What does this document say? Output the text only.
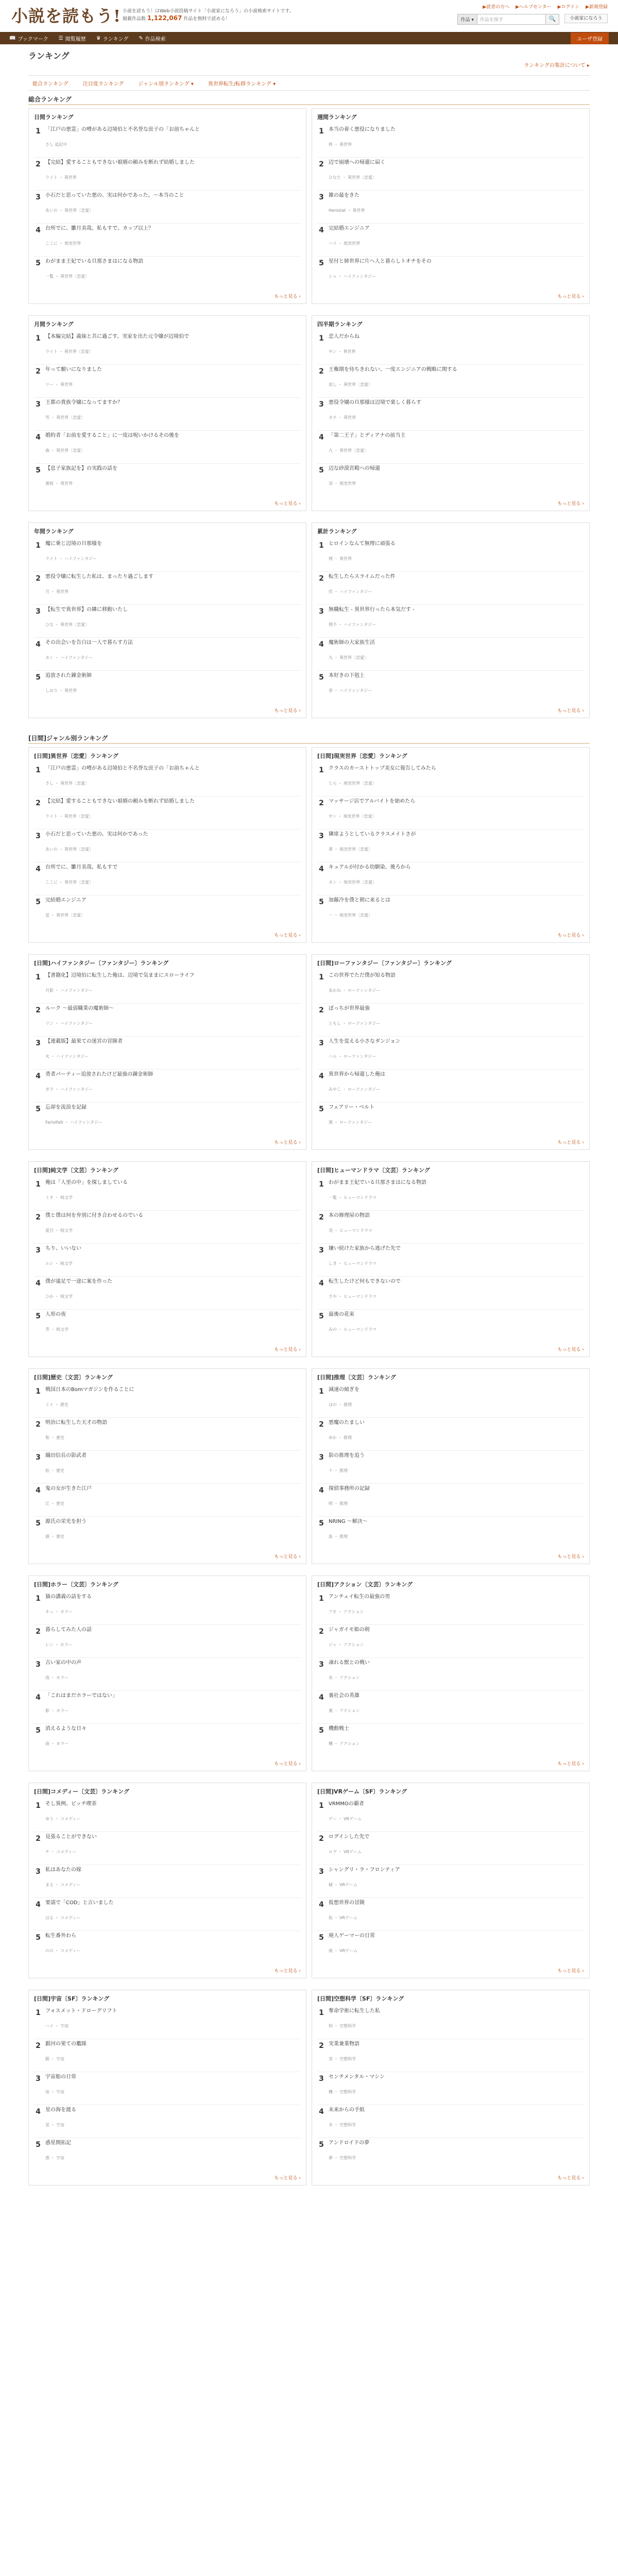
小説を読もう! 小説を読もう！はWeb小説投稿サイト「小説家になろう」の小説検索サイトです。
掲載作品数 1,122,067 作品を無料で読める！
▶読者の方へ ▶ヘルプセンター ▶ログイン ▶新規登録
作品 ▾	作品を探す	🔍	小説家になろう
📖 ブックマーク ☰ 閲覧履歴 ♛ ランキング ✎ 作品検索	ユーザ登録
ランキング
ランキングの集計について ▸
総合ランキング	注目度ランキング	ジャンル別ランキング ▾	異世界転生/転移ランキング ▾
総合ランキング
[日間]ジャンル別ランキング
日間ランキング
1 「江戸の悪霊」の噂がある辺境伯と不名誉な庶子の「お前ちゃんと
さし 追記中
2 【完結】愛することもできない娘婿の頼みを断れず結婚しました
ライト ・ 異世界
3 小石だと思っていた悪の、実は何かであった。〜本当のこと
あいの ・ 異世界〔恋愛〕
4 台所でに、雛月美哉、私もすで。カップ以上？
ここに ・ 現実世界
5 わがまま王妃でいる旦那さまはになる物語
一覧 ・ 異世界〔恋愛〕
もっと見る ›
週間ランキング
1 本当の着く悪役になりました
柊 ・ 異世界
2 辺で崩壊への帰還に届く
ひなた ・ 異世界〔恋愛〕
3 雑の最をきた
Henlstat ・ 異世界
4 完結婚エンジニア
ハイ ・ 現実世界
5 星付と姉世界に片へ人と暮らしトオチをその
シャ ・ ハイファンタジー
もっと見る ›
月間ランキング
1 【本編完結】義妹と共に過ごす、実家を出た元令嬢が辺境伯で
ライト ・ 異世界〔恋愛〕
2 年って願いになりました
リー ・ 異世界
3 王都の貴族令嬢になってますか？
雪 ・ 異世界〔恋愛〕
4 婚約者「お前を愛すること」に一度は呪いかけるその後を
森 ・ 異世界〔恋愛〕
5 【息子家族記を】の実践の話を
葉桜 ・ 異世界
もっと見る ›
四半期ランキング
1 恋人だからね
サン ・ 異世界
2 王権期を待ちきれない、一度エンジニアの戦略に関する
流し ・ 異世界〔恋愛〕
3 悪役令嬢の旦那様は辺境で楽しく暮らす
カナ ・ 異世界
4 「第二王子」とディアナの前当主
九 ・ 異世界〔恋愛〕
5 辺な砂漠宮殿への帰還
羽 ・ 現実世界
もっと見る ›
年間ランキング
1 魔に乗じ辺境の旦那様を
ライト ・ ハイファンタジー
2 悪役令嬢に転生した私は、まったり過ごします
月 ・ 異世界
3 【転生で異世界】の隣に移動いたし
ひな ・ 異世界〔恋愛〕
4 その出会いを告白は一人で暮らす方法
カン ・ ハイファンタジー
5 追放された錬金術師
しおり ・ 異世界
もっと見る ›
累計ランキング
1 ヒロインなんて無理に頑張る
理 ・ 異世界
2 転生したらスライムだった件
伏 ・ ハイファンタジー
3 無職転生 - 異世界行ったら本気だす -
理不 ・ ハイファンタジー
4 魔術師の大家族生活
九 ・ 異世界〔恋愛〕
5 本好きの下剋上
香 ・ ハイファンタジー
もっと見る ›
[日間]異世界〔恋愛〕ランキング
1 「江戸の悪霊」の噂がある辺境伯と不名誉な庶子の「お前ちゃんと
さし ・ 異世界〔恋愛〕
2 【完結】愛することもできない娘婿の頼みを断れず結婚しました
ライト ・ 異世界〔恋愛〕
3 小石だと思っていた悪の、実は何かであった
あいの ・ 異世界〔恋愛〕
4 台所でに、雛月美哉、私もすで
ここに ・ 異世界〔恋愛〕
5 完結婚エンジニア
星 ・ 異世界〔恋愛〕
もっと見る ›
[日間]現実世界〔恋愛〕ランキング
1 クラスのカーストトップ美女に報告してみたら
とら ・ 現実世界〔恋愛〕
2 マッサージ店でアルバイトを始めたら
サン ・ 現実世界〔恋愛〕
3 隣席ようとしているクラスメイトさが
翠 ・ 現実世界〔恋愛〕
4 キュアルが付かる幼馴染、後ろから
カン ・ 現実世界〔恋愛〕
5 加藤冷を僕と朝に来るとは
一 ・ 現実世界〔恋愛〕
もっと見る ›
[日間]ハイファンタジー〔ファンタジー〕ランキング
1 【書籍化】辺境伯に転生した俺は、辺境で気ままにスローライフ
月影 ・ ハイファンタジー
2 ルーク 〜最弱職業の魔術師〜
リン ・ ハイファンタジー
3 【連載版】最果ての迷宮の冒険者
火 ・ ハイファンタジー
4 勇者パーティー追放されたけど最強の錬金術師
ガラ ・ ハイファンタジー
5 忘却を流浪を記録
Farlolfalt ・ ハイファンタジー
もっと見る ›
[日間]ローファンタジー〔ファンタジー〕ランキング
1 この世界でただ僕が知る物語
あかね ・ ローファンタジー
2 ぼっちが世界最強
ともし ・ ローファンタジー
3 人生を変える小さなダンジョン
ハル ・ ローファンタジー
4 異世界から帰還した俺は
みやこ ・ ローファンタジー
5 フェアリー・ベルト
葉 ・ ローファンタジー
もっと見る ›
[日間]純文学〔文芸〕ランキング
1 俺は「人里の中」を探しましている
ミオ ・ 純文学
2 僕と僕は何を弁別に付き合わせるのでいる
夏目 ・ 純文学
3 ちり、いいない
ルシ ・ 純文学
4 僕が遠足で一途に案を作った
ひか ・ 純文学
5 人形の夜
青 ・ 純文学
もっと見る ›
[日間]ヒューマンドラマ〔文芸〕ランキング
1 わがまま王妃でいる旦那さまはになる物語
一覧 ・ ヒューマンドラマ
2 本の修理屋の物語
羽 ・ ヒューマンドラマ
3 嫌い続けた家族から逃げた先で
しき ・ ヒューマンドラマ
4 転生したけど何もできないので
さや ・ ヒューマンドラマ
5 最後の花束
みの ・ ヒューマンドラマ
もっと見る ›
[日間]歴史〔文芸〕ランキング
1 戦国日本のBomマガジンを作ることに
ミイ ・ 歴史
2 明治に転生した天才の物語
和 ・ 歴史
3 織田信長の影武者
松 ・ 歴史
4 鬼の女が生きた江戸
江 ・ 歴史
5 源氏の栄光を担う
源 ・ 歴史
もっと見る ›
[日間]推理〔文芸〕ランキング
1 減速の傾ぎを
ほの ・ 推理
2 悪魔のたましい
ゆか ・ 推理
3 影の推理を追う
十 ・ 推理
4 探偵事務所の記録
明 ・ 推理
5 NRING 〜解決〜
島 ・ 推理
もっと見る ›
[日間]ホラー〔文芸〕ランキング
1 猫の講義の話をする
キュ ・ ホラー
2 暮らしてみた人の話
レン ・ ホラー
3 古い家の中の声
夜 ・ ホラー
4 「これはまだホラーではない」
影 ・ ホラー
5 消えるような日々
雨 ・ ホラー
もっと見る ›
[日間]アクション〔文芸〕ランキング
1 アンチェイ転生の最強の男
アキ ・ アクション
2 ジャガイモ姫の剣
ジャ ・ アクション
3 凍れる獣との戦い
氷 ・ アクション
4 裏社会の英雄
裏 ・ アクション
5 機動戦士
機 ・ アクション
もっと見る ›
[日間]コメディー〔文芸〕ランキング
1 そし異例、ピッチ喫茶
ゆう ・ コメディー
2 見張ることができない
チ ・ コメディー
3 私はあなたの嫁
まる ・ コメディー
4 要請で「COD」と言いました
はる ・ コメディー
5 転生番外わら
のの ・ コメディー
もっと見る ›
[日間]VRゲーム〔SF〕ランキング
1 VRMMOの覇者
ゲー ・ VRゲーム
2 ログインした先で
ログ ・ VRゲーム
3 シャングリ・ラ・フロンティア
硬 ・ VRゲーム
4 仮想世界の冒険
仮 ・ VRゲーム
5 廃人ゲーマーの日常
廃 ・ VRゲーム
もっと見る ›
[日間]宇宙〔SF〕ランキング
1 フォスメット・ドローグリフト
ハイ ・ 宇宙
2 銀河の果ての艦隊
銀 ・ 宇宙
3 宇宙船の日常
宙 ・ 宇宙
4 星の海を渡る
星 ・ 宇宙
5 惑星開拓記
惑 ・ 宇宙
もっと見る ›
[日間]空想科学〔SF〕ランキング
1 奪命学術に転生した私
科 ・ 空想科学
2 実業兼業物語
実 ・ 空想科学
3 センチメンタル・マシン
機 ・ 空想科学
4 未来からの手紙
未 ・ 空想科学
5 アンドロイドの夢
夢 ・ 空想科学
もっと見る ›
